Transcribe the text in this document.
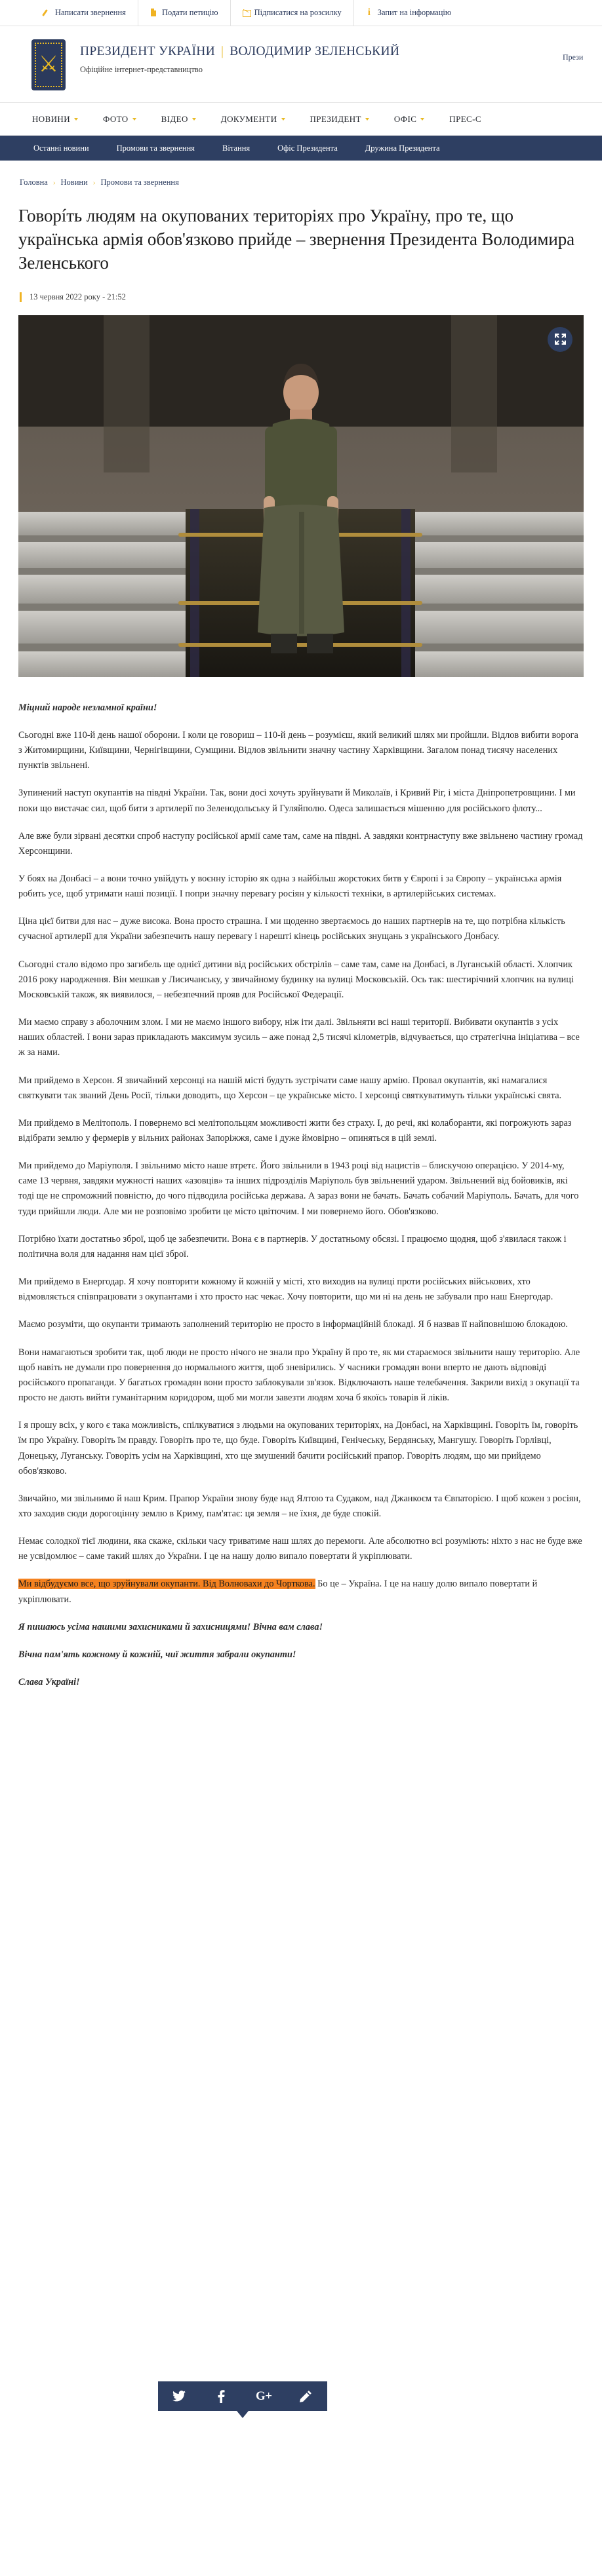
Написати звернення	Подати петицію	Підписатися на розсилку i	Запит на інформацію
⚔
ПРЕЗИДЕНТ УКРАЇНИ | ВОЛОДИМИР ЗЕЛЕНСЬКИЙ
Офіційне інтернет-представництво
Прези
НОВИНИ	ФОТО	ВІДЕО	ДОКУМЕНТИ	ПРЕЗИДЕНТ	ОФІС	ПРЕС-С
Останні новини	Промови та звернення	Вітання	Офіс Президента	Дружина Президента
Головна › Новини › Промови та звернення
Говорíть людям на окупованих територіях про Україну, про те, що українська армія обов'язково прийде – звернення Президента Володимира Зеленського
13 червня 2022 року - 21:52

Міцний народе незламної країни!

Сьогодні вже 110-й день нашої оборони. І коли це говориш – 110-й день – розумієш, який великий шлях ми пройшли. Відлов вибити ворога з Житомирщини, Київщини, Чернігівщини, Сумщини. Відлов звільнити значну частину Харківщини. Загалом понад тисячу населених пунктів звільнені.

Зупинений наступ окупантів на півдні України. Так, вони досі хочуть зруйнувати й Миколаїв, і Кривий Ріг, і міста Дніпропетровщини. І ми поки що вистачає сил, щоб бити з артилерії по Зеленодольську й Гуляйполю. Одеса залишається мішенню для російського флоту...

Але вже були зірвані десятки спроб наступу російської армії саме там, саме на півдні. А завдяки контрнаступу вже звільнено частину громад Херсонщини.

У боях на Донбасі – а вони точно увійдуть у воєнну історію як одна з найбільш жорстоких битв у Європі і за Європу – українська армія робить усе, щоб утримати наші позиції. І попри значну перевагу росіян у кількості техніки, в артилерійських системах.

Ціна цієї битви для нас – дуже висока. Вона просто страшна. І ми щоденно звертаємось до наших партнерів на те, що потрібна кількість сучасної артилерії для України забезпечить нашу перевагу і нарешті кінець російських знущань з українського Донбасу.

Сьогодні стало відомо про загибель ще однієї дитини від російських обстрілів – саме там, саме на Донбасі, в Луганській області. Хлопчик 2016 року народження. Він мешкав у Лисичанську, у звичайному будинку на вулиці Московській. Ось так: шестирічний хлопчик на вулиці Московській також, як виявилося, – небезпечний прояв для Російської Федерації.

Ми маємо справу з аболочним злом. І ми не маємо іншого вибору, ніж іти далі. Звільняти всі наші території. Вибивати окупантів з усіх наших областей. І вони зараз прикладають максимум зусиль – аже понад 2,5 тисячі кілометрів, відчувається, що стратегічна ініціатива – все ж за нами.

Ми прийдемо в Херсон. Я звичайний херсонці на нашій місті будуть зустрічати саме нашу армію. Провал окупантів, які намагалися святкувати так званий День Росії, тільки доводить, що Херсон – це українське місто. І херсонці святкуватимуть тільки українські свята.

Ми прийдемо в Мелітополь. І повернемо всі мелітопольцям можливості жити без страху. І, до речі, які колаборанти, які погрожують зараз відібрати землю у фермерів у вільних районах Запоріжжя, саме і дуже ймовірно – опиняться в цій землі.

Ми прийдемо до Маріуполя. І звільнимо місто наше втретє. Його звільнили в 1943 році від нацистів – блискучою операцією. У 2014-му, саме 13 червня, завдяки мужності наших «азовців» та інших підрозділів Маріуполь був звільнений ударом. Звільнений від бойовиків, які тоді ще не спроможний повністю, до чого підводила російська держава. А зараз вони не бачать. Бачать собачий Маріуполь. Бачать, для чого туди прийшли люди. Але ми не розповімо зробити це місто цвітючим. І ми повернемо його. Обов'язково.

Потрібно їхати достатньо зброї, щоб це забезпечити. Вона є в партнерів. У достатньому обсязі. І працюємо щодня, щоб з'явилася також і політична воля для надання нам цієї зброї.

Ми прийдемо в Енергодар. Я хочу повторити кожному й кожній у місті, хто виходив на вулиці проти російських військових, хто відмовляється співпрацювати з окупантами і хто просто нас чекає. Хочу повторити, що ми ні на день не забували про наш Енергодар.

Маємо розуміти, що окупанти тримають заполнений територію не просто в інформаційній блокаді. Я б назвав її найповнішою блокадою.

Вони намагаються зробити так, щоб люди не просто нічого не знали про Україну й про те, як ми стараємося звільнити нашу територію. Але щоб навіть не думали про повернення до нормального життя, щоб зневірились. У часники громадян вони вперто не дають відповіді російського пропаганди. У багатьох громадян вони просто заблокували зв'язок. Відключають наше телебачення. Закрили вихід з окупації та просто не дають вийти гуманітарним коридором, щоб ми могли завезти людям хоча б якоїсь товарів й ліків.

І я прошу всіх, у кого є така можливість, спілкуватися з людьми на окупованих територіях, на Донбасі, на Харківщині. Говоріть їм, говоріть їм про Україну. Говоріть їм правду. Говоріть про те, що буде. Говоріть Київщині, Генічеську, Бердянську, Мангушу. Говоріть Горлівці, Донецьку, Луганську. Говоріть усім на Харківщині, хто ще змушений бачити російський прапор. Говоріть людям, що ми прийдемо обов'язково.

Звичайно, ми звільнимо й наш Крим. Прапор України знову буде над Ялтою та Судаком, над Джанкоєм та Євпаторією. І щоб кожен з росіян, хто заходив сюди дорогоцінну землю в Криму, пам'ятає: ця земля – не їхня, де буде спокій.

Немає солодкої тієї людини, яка скаже, скільки часу триватиме наш шлях до перемоги. Але абсолютно всі розуміють: ніхто з нас не буде вже не усвідомлює – саме такий шлях до України. І це на нашу долю випало повертати й укріплювати.

Ми відбудуємо все, що зруйнували окупанти. Від Волновахи до Чорткова. Бо це – Україна. І це на нашу долю випало повертати й укріплювати.

Я пишаюсь усіма нашими захисниками й захисницями! Вічна вам слава!

Вічна пам'ять кожному й кожній, чиї життя забрали окупанти!

Слава Україні!

G+
